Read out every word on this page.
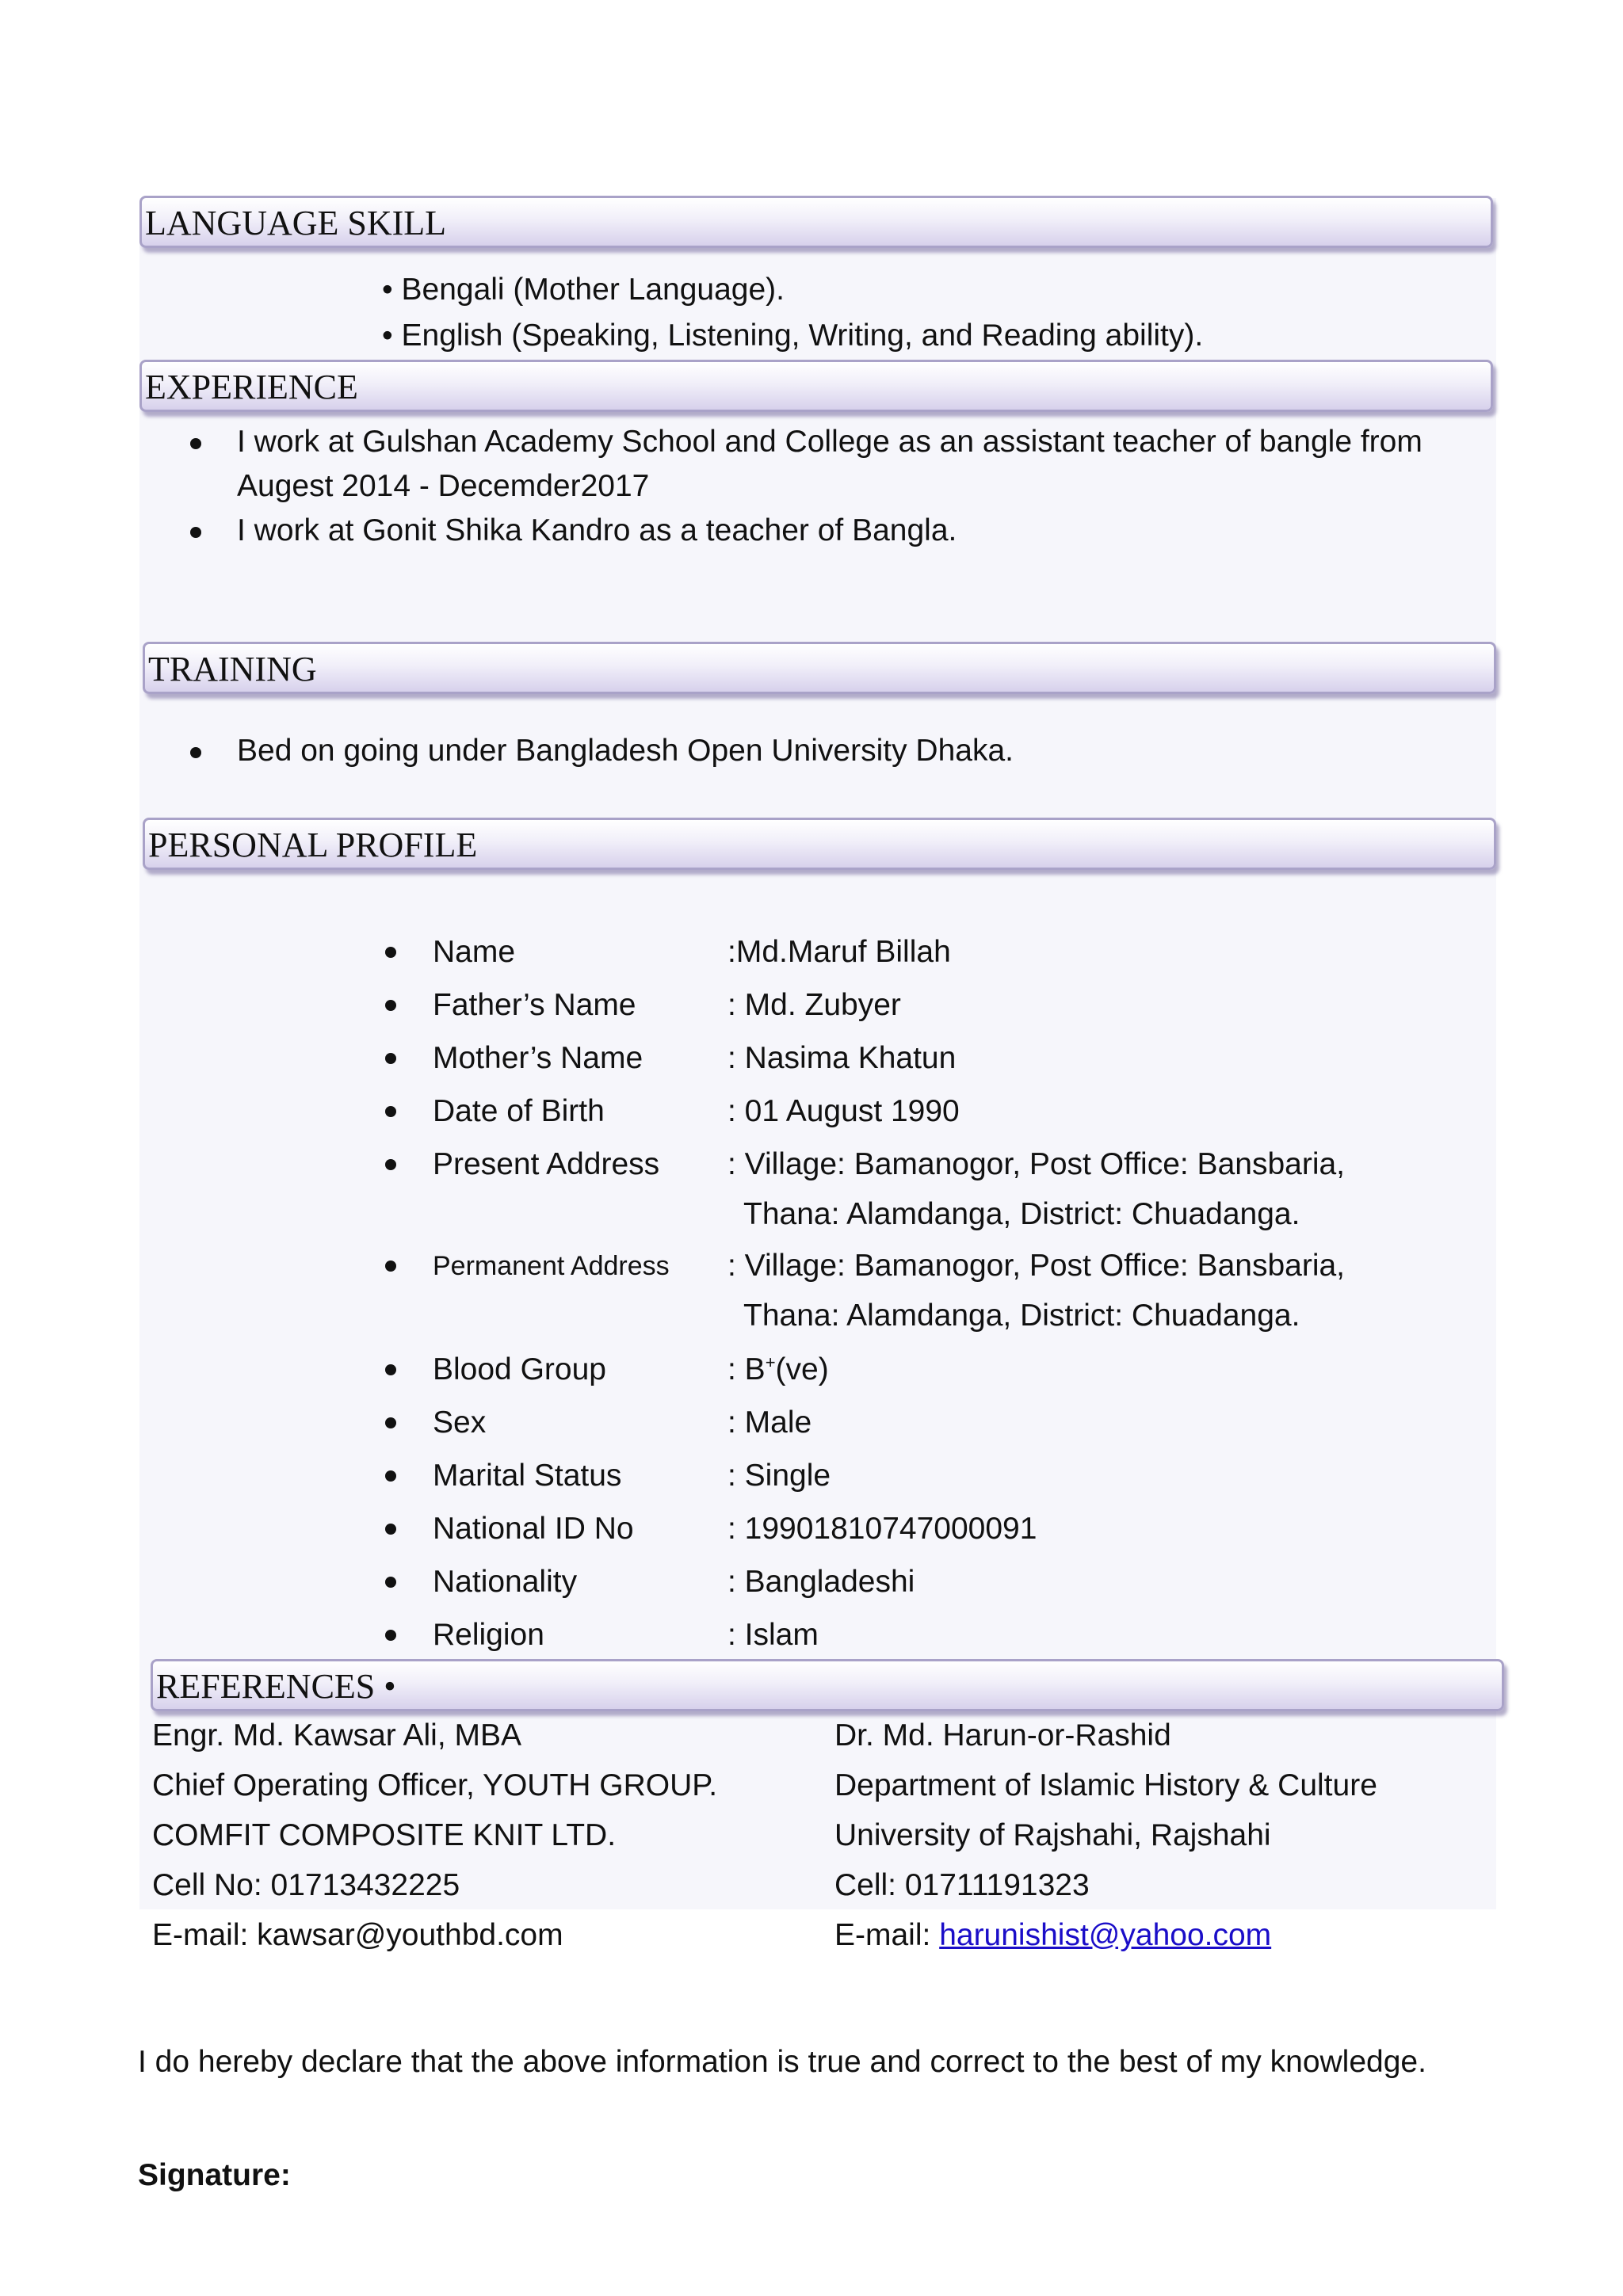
LANGUAGE SKILL
• Bengali (Mother Language).
• English (Speaking, Listening, Writing, and Reading ability).
EXPERIENCE
I work at Gulshan Academy School and College as an assistant teacher of bangle from
Augest 2014 - Decemder2017
I work at Gonit Shika Kandro as a teacher of Bangla.
TRAINING
Bed on going under Bangladesh Open University Dhaka.
PERSONAL PROFILE
Name	:Md.Maruf Billah
Father’s Name	: Md. Zubyer
Mother’s Name	: Nasima Khatun
Date of Birth	: 01 August 1990
Present Address : Village: Bamanogor, Post Office: Bansbaria,
Thana: Alamdanga, District: Chuadanga.
Permanent Address : Village: Bamanogor, Post Office: Bansbaria,
Thana: Alamdanga, District: Chuadanga.
Blood Group	: B+(ve)
Sex	: Male
Marital Status	: Single
National ID No	: 19901810747000091
Nationality	: Bangladeshi
Religion	: Islam
REFERENCES •
Engr. Md. Kawsar Ali, MBA
Chief Operating Officer, YOUTH GROUP.
COMFIT COMPOSITE KNIT LTD.
Cell No: 01713432225
E-mail: kawsar@youthbd.com
Dr. Md. Harun-or-Rashid
Department of Islamic History & Culture
University of Rajshahi, Rajshahi
Cell: 01711191323
E-mail: harunishist@yahoo.com
I do hereby declare that the above information is true and correct to the best of my knowledge.
Signature:
